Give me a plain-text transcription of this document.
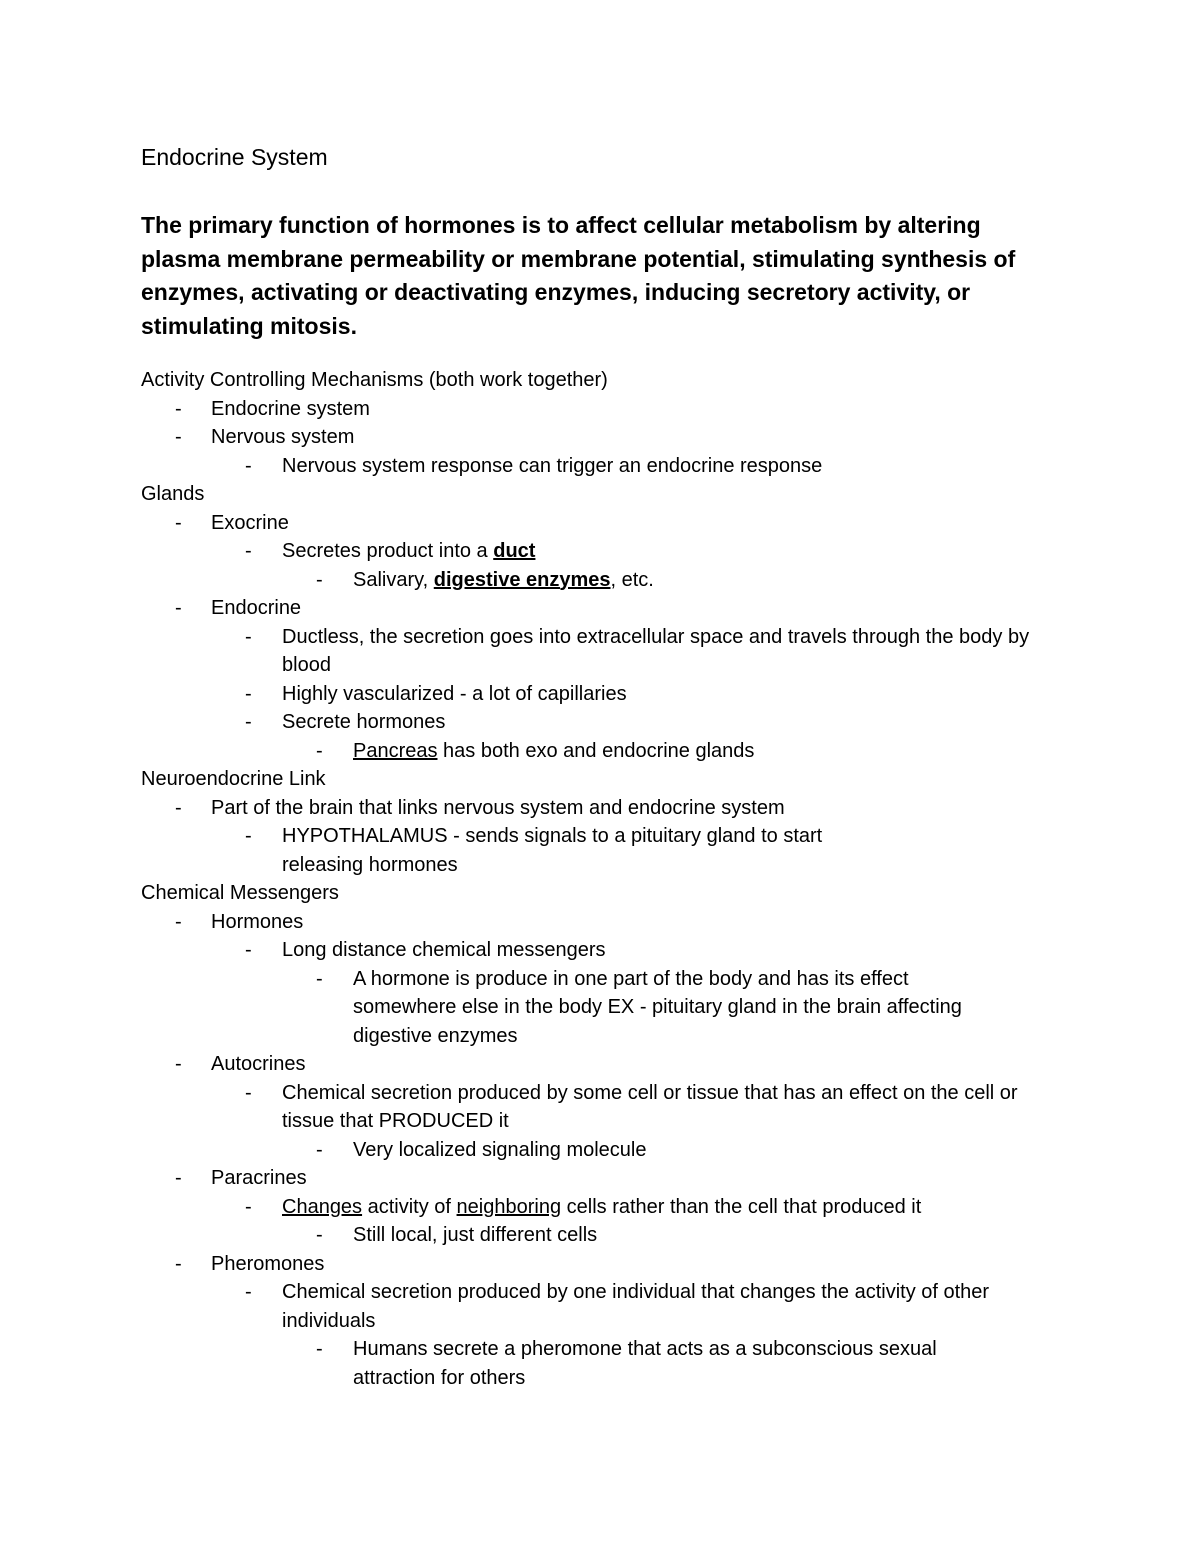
Endocrine System
The primary function of hormones is to affect cellular metabolism by altering plasma membrane permeability or membrane potential, stimulating synthesis of enzymes, activating or deactivating enzymes, inducing secretory activity, or stimulating mitosis.
Activity Controlling Mechanisms (both work together)
- Endocrine system
- Nervous system
- Nervous system response can trigger an endocrine response
Glands
- Exocrine
- Secretes product into a duct
- Salivary, digestive enzymes, etc.
- Endocrine
- Ductless, the secretion goes into extracellular space and travels through the body by blood
- Highly vascularized - a lot of capillaries
- Secrete hormones
- Pancreas has both exo and endocrine glands
Neuroendocrine Link
- Part of the brain that links nervous system and endocrine system
- HYPOTHALAMUS - sends signals to a pituitary gland to start releasing hormones
Chemical Messengers
- Hormones
- Long distance chemical messengers
- A hormone is produce in one part of the body and has its effect somewhere else in the body EX - pituitary gland in the brain affecting digestive enzymes
- Autocrines
- Chemical secretion produced by some cell or tissue that has an effect on the cell or tissue that PRODUCED it
- Very localized signaling molecule
- Paracrines
- Changes activity of neighboring cells rather than the cell that produced it
- Still local, just different cells
- Pheromones
- Chemical secretion produced by one individual that changes the activity of other individuals
- Humans secrete a pheromone that acts as a subconscious sexual attraction for others
